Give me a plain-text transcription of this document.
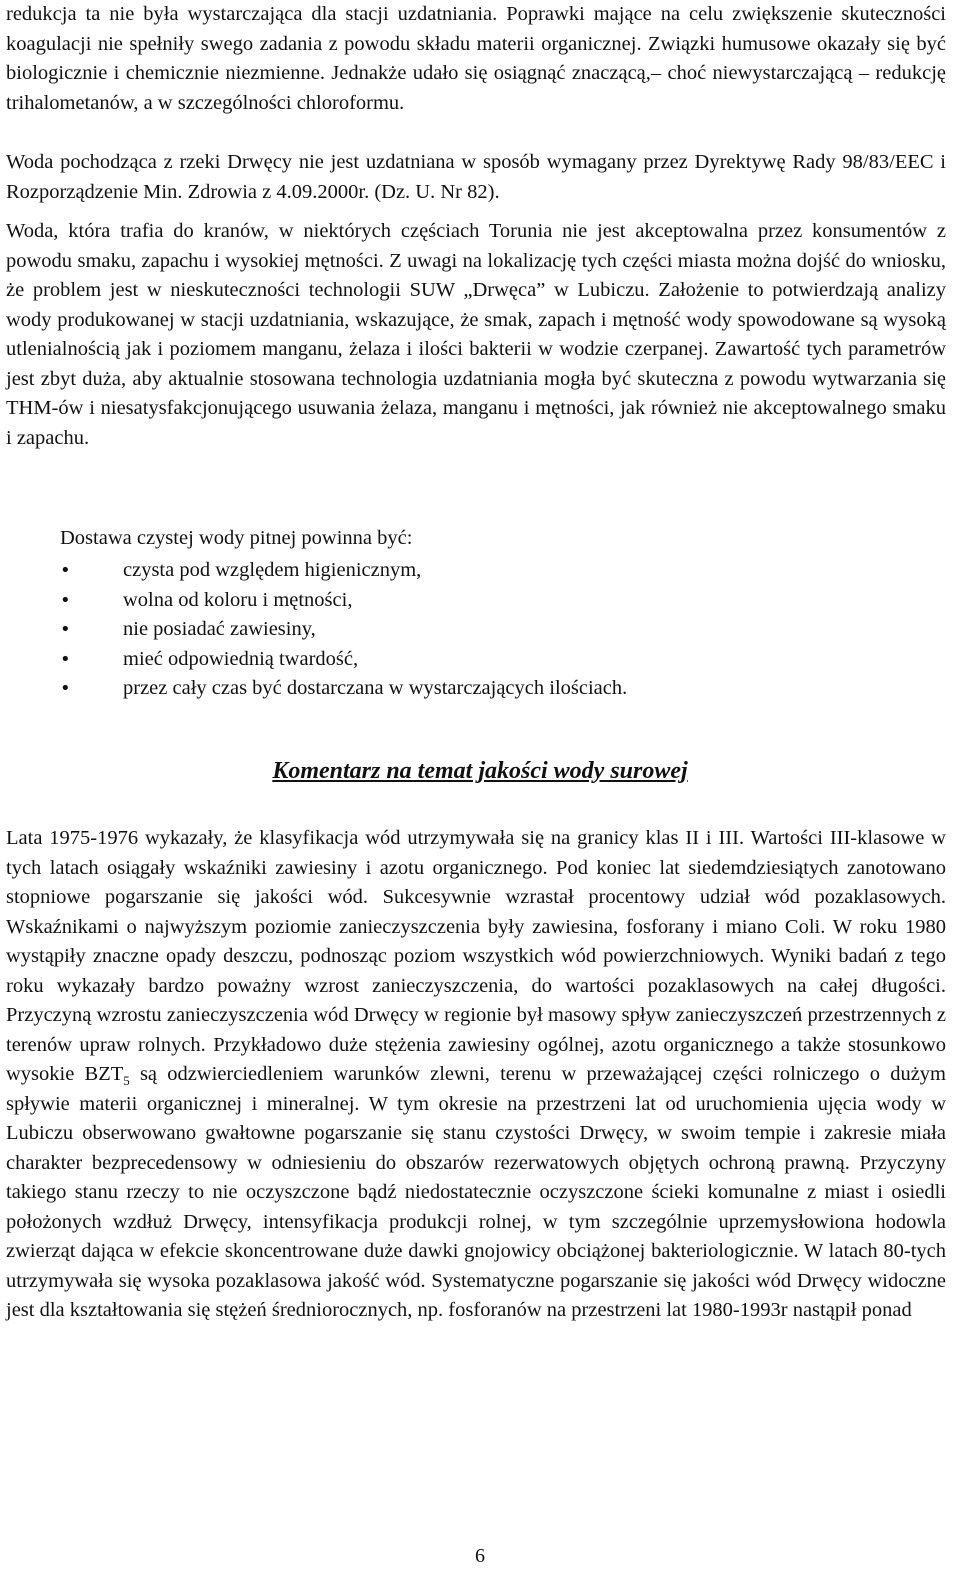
redukcja ta nie była wystarczająca dla stacji uzdatniania. Poprawki mające na celu zwiększenie skuteczności koagulacji nie spełniły swego zadania z powodu składu materii organicznej. Związki humusowe okazały się być biologicznie i chemicznie niezmienne. Jednakże udało się osiągnąć znaczącą,– choć niewystarczającą – redukcję trihalometanów, a w szczególności chloroformu.
Woda pochodząca z rzeki Drwęcy nie jest uzdatniana w sposób wymagany przez Dyrektywę Rady 98/83/EEC i Rozporządzenie Min. Zdrowia z 4.09.2000r. (Dz. U. Nr 82).
Woda, która trafia do kranów, w niektórych częściach Torunia nie jest akceptowalna przez konsumentów z powodu smaku, zapachu i wysokiej mętności. Z uwagi na lokalizację tych części miasta można dojść do wniosku, że problem jest w nieskuteczności technologii SUW „Drwęca” w Lubiczu. Założenie to potwierdzają analizy wody produkowanej w stacji uzdatniania, wskazujące, że smak, zapach i mętność wody spowodowane są wysoką utlenialnością jak i poziomem manganu, żelaza i ilości bakterii w wodzie czerpanej. Zawartość tych parametrów jest zbyt duża, aby aktualnie stosowana technologia uzdatniania mogła być skuteczna z powodu wytwarzania się THM-ów i niesatysfakcjonującego usuwania żelaza, manganu i mętności, jak również nie akceptowalnego smaku i zapachu.
Dostawa czystej wody pitnej powinna być:
•	czysta pod względem higienicznym,
•	wolna od koloru i mętności,
•	nie posiadać zawiesiny,
•	mieć odpowiednią twardość,
•	przez cały czas być dostarczana w wystarczających ilościach.
Komentarz na temat jakości wody surowej
Lata 1975-1976 wykazały, że klasyfikacja wód utrzymywała się na granicy klas II i III. Wartości III-klasowe w tych latach osiągały wskaźniki zawiesiny i azotu organicznego. Pod koniec lat siedemdziesiątych zanotowano stopniowe pogarszanie się jakości wód. Sukcesywnie wzrastał procentowy udział wód pozaklasowych. Wskaźnikami o najwyższym poziomie zanieczyszczenia były zawiesina, fosforany i miano Coli. W roku 1980 wystąpiły znaczne opady deszczu, podnosząc poziom wszystkich wód powierzchniowych. Wyniki badań z tego roku wykazały bardzo poważny wzrost zanieczyszczenia, do wartości pozaklasowych na całej długości. Przyczyną wzrostu zanieczyszczenia wód Drwęcy w regionie był masowy spływ zanieczyszczeń przestrzennych z terenów upraw rolnych. Przykładowo duże stężenia zawiesiny ogólnej, azotu organicznego a także stosunkowo wysokie $BZT_5$ są odzwierciedleniem warunków zlewni, terenu w przeważającej części rolniczego o dużym spływie materii organicznej i mineralnej. W tym okresie na przestrzeni lat od uruchomienia ujęcia wody w Lubiczu obserwowano gwałtowne pogarszanie się stanu czystości Drwęcy, w swoim tempie i zakresie miała charakter bezprecedensowy w odniesieniu do obszarów rezerwatowych objętych ochroną prawną. Przyczyny takiego stanu rzeczy to nie oczyszczone bądź niedostatecznie oczyszczone ścieki komunalne z miast i osiedli położonych wzdłuż Drwęcy, intensyfikacja produkcji rolnej, w tym szczególnie uprzemysłowiona hodowla zwierząt dająca w efekcie skoncentrowane duże dawki gnojowicy obciążonej bakteriologicznie. W latach 80-tych utrzymywała się wysoka pozaklasowa jakość wód. Systematyczne pogarszanie się jakości wód Drwęcy widoczne jest dla kształtowania się stężeń średniorocznych, np. fosforanów na przestrzeni lat 1980-1993r nastąpił ponad
6
